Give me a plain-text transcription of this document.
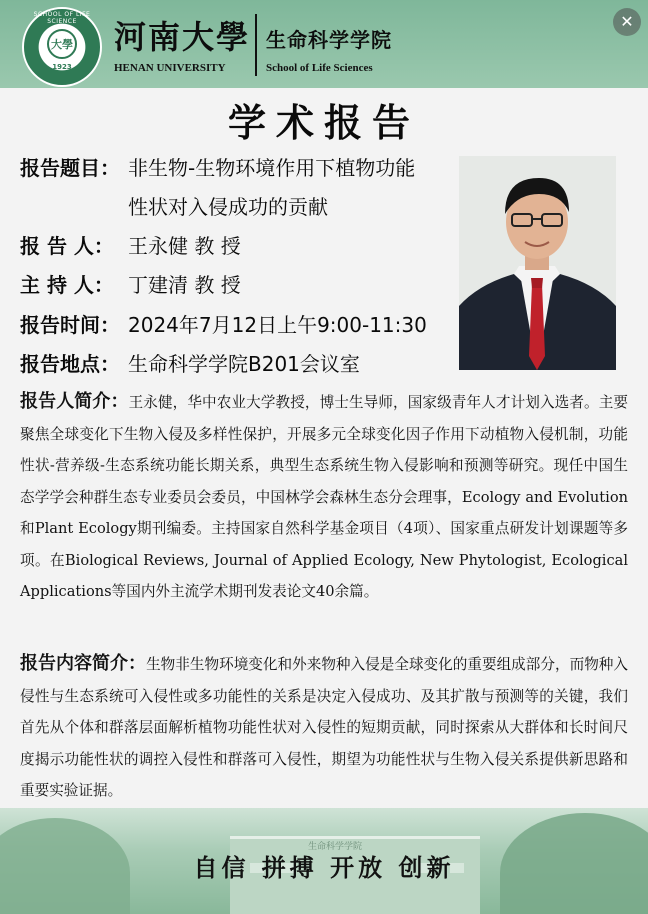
SCHOOL OF LIFE SCIENCE
大學
1923
河南大學
HENAN UNIVERSITY
生命科学学院
School of Life Sciences
✕
学术报告
报告题目： 非生物-生物环境作用下植物功能
性状对入侵成功的贡献
报 告 人： 王永健 教 授
主 持 人： 丁建清 教 授
报告时间： 2024年7月12日上午9:00-11:30
报告地点： 生命科学学院B201会议室
报告人简介：王永健，华中农业大学教授，博士生导师，国家级青年人才计划入选者。主要聚焦全球变化下生物入侵及多样性保护，开展多元全球变化因子作用下动植物入侵机制，功能性状-营养级-生态系统功能长期关系，典型生态系统生物入侵影响和预测等研究。现任中国生态学学会种群生态专业委员会委员，中国林学会森林生态分会理事，Ecology and Evolution和Plant Ecology期刊编委。主持国家自然科学基金项目（4项）、国家重点研发计划课题等多项。在Biological Reviews, Journal of Applied Ecology, New Phytologist, Ecological Applications等国内外主流学术期刊发表论文40余篇。
报告内容简介：生物非生物环境变化和外来物种入侵是全球变化的重要组成部分，而物种入侵性与生态系统可入侵性或多功能性的关系是决定入侵成功、及其扩散与预测等的关键，我们首先从个体和群落层面解析植物功能性状对入侵性的短期贡献，同时探索从大群体和长时间尺度揭示功能性状的调控入侵性和群落可入侵性，期望为功能性状与生物入侵关系提供新思路和重要实验证据。
生命科学学院
自信 拼搏 开放 创新
